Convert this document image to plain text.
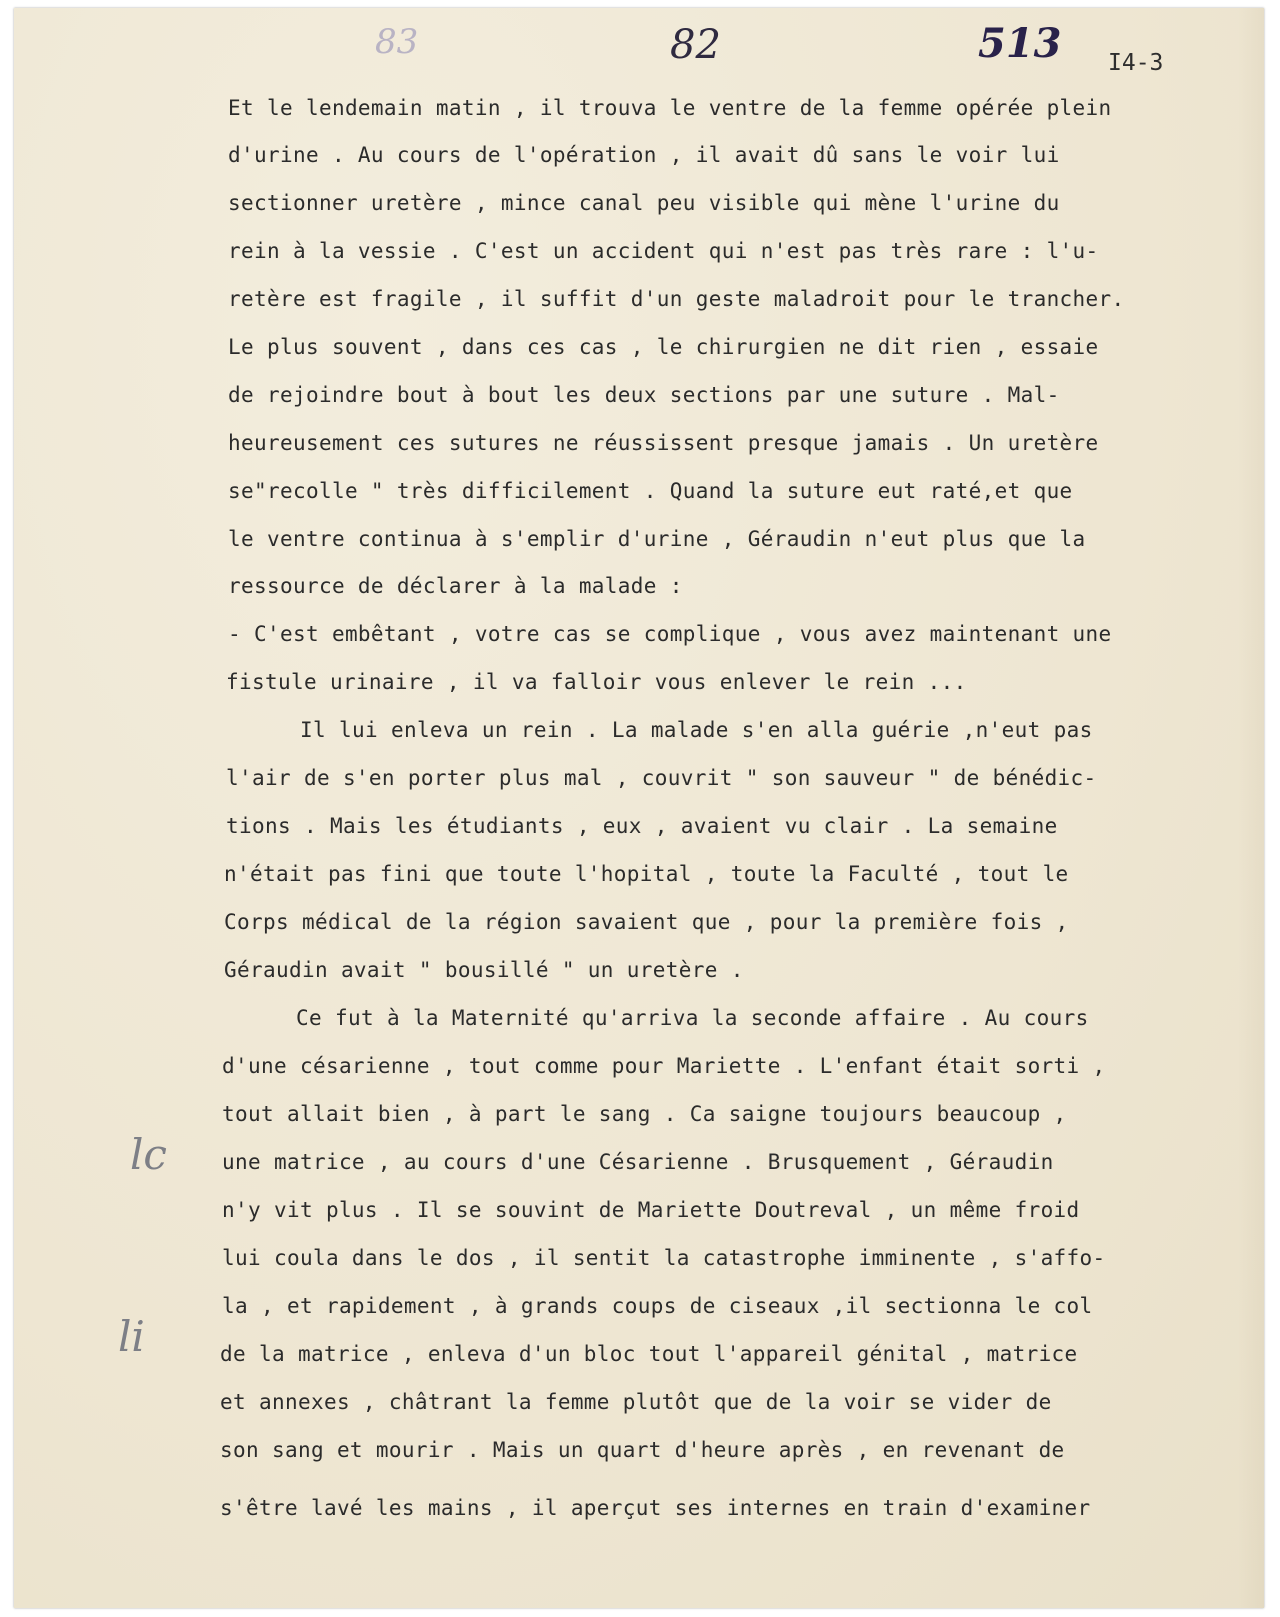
83	82	513 I4-3
lc
li
Et le lendemain matin , il trouva le ventre de la femme opérée plein
d'urine . Au cours de l'opération , il avait dû sans le voir lui
sectionner uretère , mince canal peu visible qui mène l'urine du
rein à la vessie . C'est un accident qui n'est pas très rare : l'u-
retère est fragile , il suffit d'un geste maladroit pour le trancher.
Le plus souvent , dans ces cas , le chirurgien ne dit rien , essaie
de rejoindre bout à bout les deux sections par une suture . Mal-
heureusement ces sutures ne réussissent presque jamais . Un uretère
se"recolle " très difficilement . Quand la suture eut raté,et que
le ventre continua à s'emplir d'urine , Géraudin n'eut plus que la
ressource de déclarer à la malade :
- C'est embêtant , votre cas se complique , vous avez maintenant une
fistule urinaire , il va falloir vous enlever le rein ...
Il lui enleva un rein . La malade s'en alla guérie ,n'eut pas
l'air de s'en porter plus mal , couvrit " son sauveur " de bénédic-
tions . Mais les étudiants , eux , avaient vu clair . La semaine
n'était pas fini que toute l'hopital , toute la Faculté , tout le
Corps médical de la région savaient que , pour la première fois ,
Géraudin avait " bousillé " un uretère .
Ce fut à la Maternité qu'arriva la seconde affaire . Au cours
d'une césarienne , tout comme pour Mariette . L'enfant était sorti ,
tout allait bien , à part le sang . Ca saigne toujours beaucoup ,
une matrice , au cours d'une Césarienne . Brusquement , Géraudin
n'y vit plus . Il se souvint de Mariette Doutreval , un même froid
lui coula dans le dos , il sentit la catastrophe imminente , s'affo-
la , et rapidement , à grands coups de ciseaux ,il sectionna le col
de la matrice , enleva d'un bloc tout l'appareil génital , matrice
et annexes , châtrant la femme plutôt que de la voir se vider de
son sang et mourir . Mais un quart d'heure après , en revenant de
s'être lavé les mains , il aperçut ses internes en train d'examiner
